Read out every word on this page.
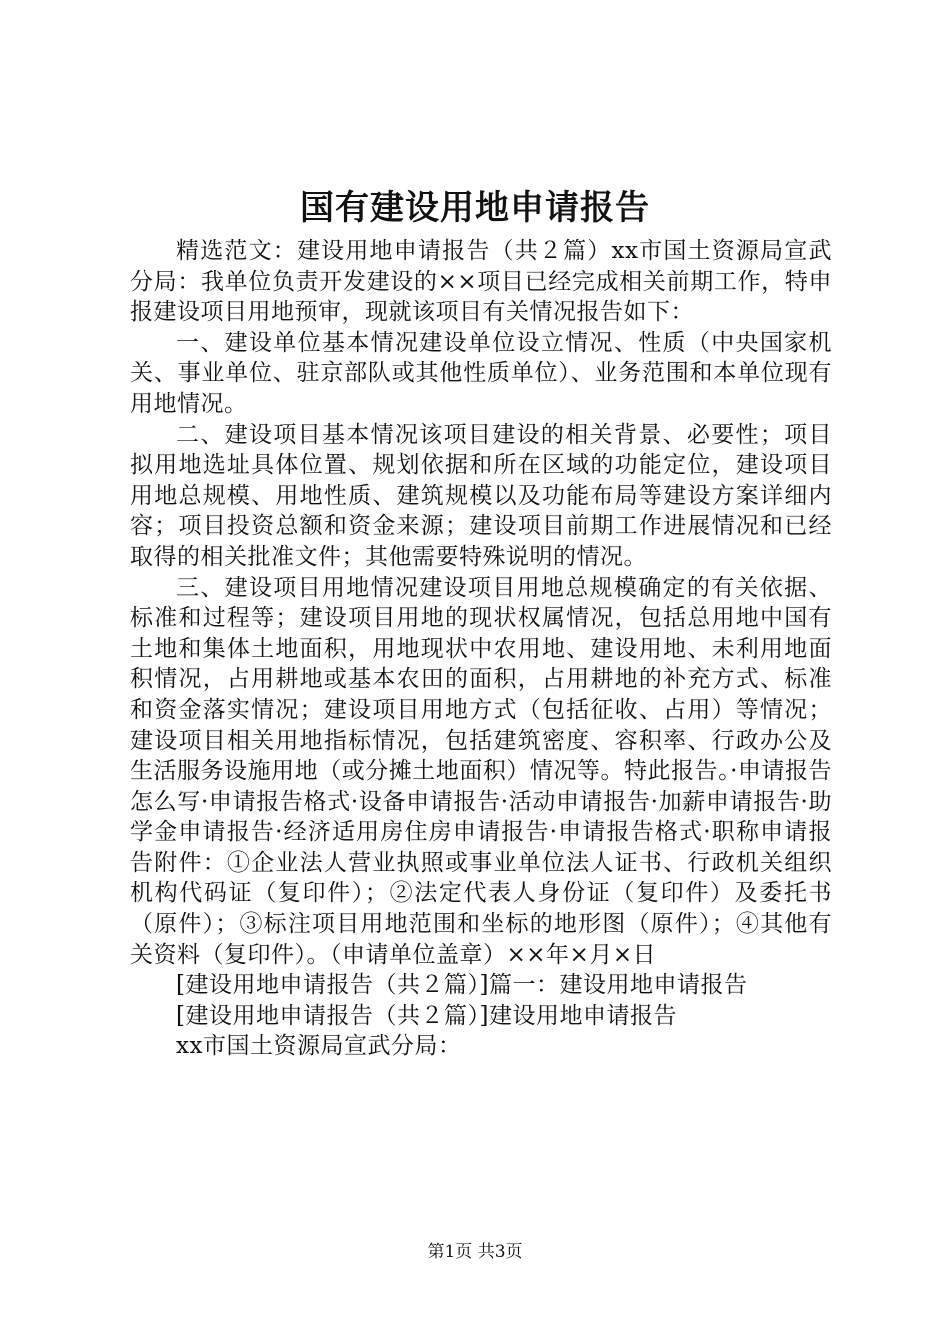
国有建设用地申请报告

精选范文：建设用地申请报告（共２篇）xx市国土资源局宣武分局：我单位负责开发建设的××项目已经完成相关前期工作，特申报建设项目用地预审，现就该项目有关情况报告如下：

一、建设单位基本情况建设单位设立情况、性质（中央国家机关、事业单位、驻京部队或其他性质单位）、业务范围和本单位现有用地情况。

二、建设项目基本情况该项目建设的相关背景、必要性；项目拟用地选址具体位置、规划依据和所在区域的功能定位，建设项目用地总规模、用地性质、建筑规模以及功能布局等建设方案详细内容；项目投资总额和资金来源；建设项目前期工作进展情况和已经取得的相关批准文件；其他需要特殊说明的情况。

三、建设项目用地情况建设项目用地总规模确定的有关依据、标准和过程等；建设项目用地的现状权属情况，包括总用地中国有土地和集体土地面积，用地现状中农用地、建设用地、未利用地面积情况，占用耕地或基本农田的面积，占用耕地的补充方式、标准和资金落实情况；建设项目用地方式（包括征收、占用）等情况；建设项目相关用地指标情况，包括建筑密度、容积率、行政办公及生活服务设施用地（或分摊土地面积）情况等。特此报告。·申请报告怎么写·申请报告格式·设备申请报告·活动申请报告·加薪申请报告·助学金申请报告·经济适用房住房申请报告·申请报告格式·职称申请报告附件：①企业法人营业执照或事业单位法人证书、行政机关组织机构代码证（复印件）；②法定代表人身份证（复印件）及委托书（原件）；③标注项目用地范围和坐标的地形图（原件）；④其他有关资料（复印件）。（申请单位盖章）××年×月×日

[建设用地申请报告（共２篇）]篇一：建设用地申请报告

[建设用地申请报告（共２篇）]建设用地申请报告

xx市国土资源局宣武分局：

第1页 共3页
